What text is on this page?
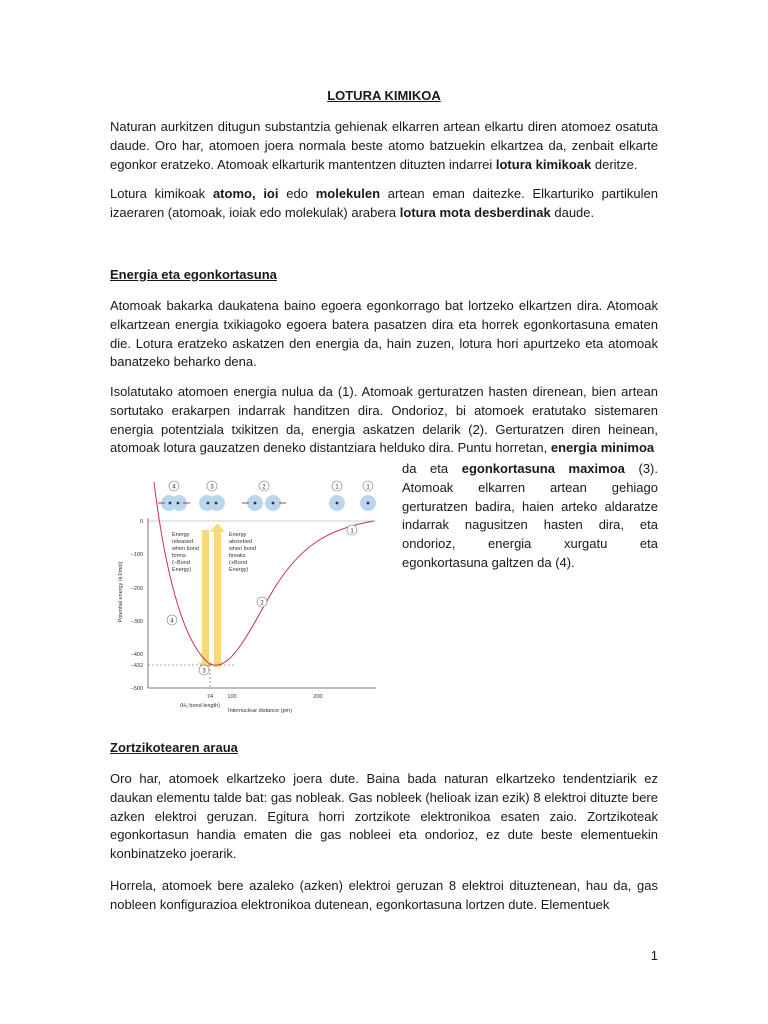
LOTURA KIMIKOA

Naturan aurkitzen ditugun substantzia gehienak elkarren artean elkartu diren atomoez osatuta daude. Oro har, atomoen joera normala beste atomo batzuekin elkartzea da, zenbait elkarte egonkor eratzeko. Atomoak elkarturik mantentzen dituzten indarrei lotura kimikoak deritze.

Lotura kimikoak atomo, ioi edo molekulen artean eman daitezke. Elkarturiko partikulen izaeraren (atomoak, ioiak edo molekulak) arabera lotura mota desberdinak daude.

Energia eta egonkortasuna

Atomoak bakarka daukatena baino egoera egonkorrago bat lortzeko elkartzen dira. Atomoak elkartzean energia txikiagoko egoera batera pasatzen dira eta horrek egonkortasuna ematen die. Lotura eratzeko askatzen den energia da, hain zuzen, lotura hori apurtzeko eta atomoak banatzeko beharko dena.

Isolatutako atomoen energia nulua da (1). Atomoak gerturatzen hasten direnean, bien artean sortutako erakarpen indarrak handitzen dira. Ondorioz, bi atomoek eratutako sistemaren energia potentziala txikitzen da, energia askatzen delarik (2). Gerturatzen diren heinean, atomoak lotura gauzatzen deneko distantziara helduko dira. Puntu horretan, energia minimoa

da eta egonkortasuna maximoa (3).
Atomoak elkarren artean gehiago gerturatzen badira, haien arteko aldaratze indarrak nagusitzen hasten dira, eta ondorioz, energia xurgatu eta egonkortasuna galtzen da (4).

4	3	2	1	1
0
−100
−200
−300
−400
−432
−500
Potential energy (kJ/mol)
74	100	200
(H₂ bond length)
Internuclear distance (pm)
Energy
released
when bond
forms
(−Bond
Energy)
Energy
absorbed
when bond
breaks
(+Bond
Energy)
1
2
3
4
Zortzikotearen araua

Oro har, atomoek elkartzeko joera dute. Baina bada naturan elkartzeko tendentziarik ez daukan elementu talde bat: gas nobleak. Gas nobleek (helioak izan ezik) 8 elektroi dituzte bere azken elektroi geruzan. Egitura horri zortzikote elektronikoa esaten zaio. Zortzikoteak egonkortasun handia ematen die gas nobleei eta ondorioz, ez dute beste elementuekin konbinatzeko joerarik.

Horrela, atomoek bere azaleko (azken) elektroi geruzan 8 elektroi dituztenean, hau da, gas nobleen konfigurazioa elektronikoa dutenean, egonkortasuna lortzen dute. Elementuek

1
